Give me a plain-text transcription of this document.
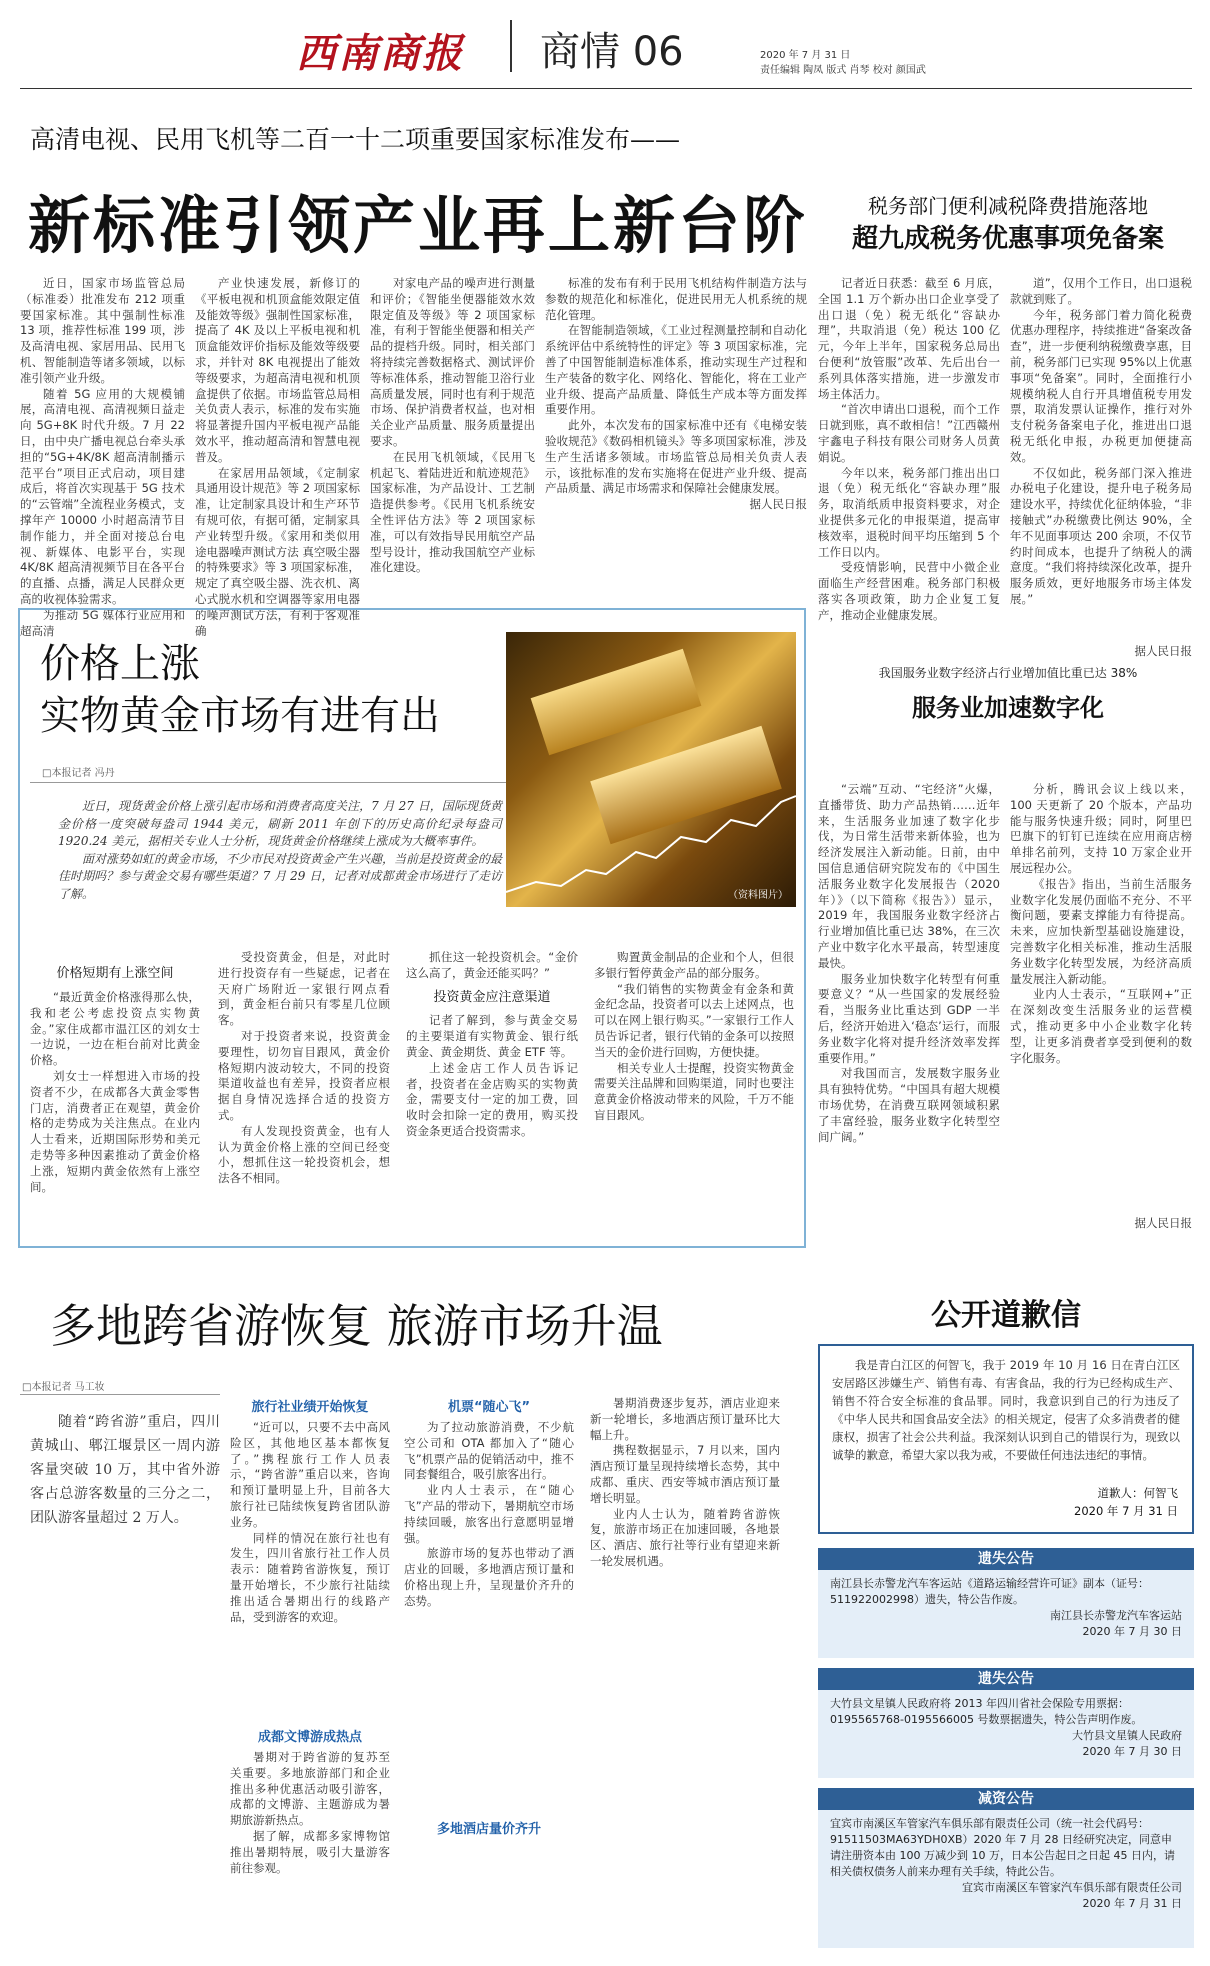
西南商报 商情 06	2020 年 7 月 31 日
责任编辑 陶凤 版式 肖琴 校对 颜国武
高清电视、民用飞机等二百一十二项重要国家标准发布——
新标准引领产业再上新台阶

近日，国家市场监管总局（标准委）批准发布 212 项重要国家标准。其中强制性标准 13 项，推荐性标准 199 项，涉及高清电视、家居用品、民用飞机、智能制造等诸多领域，以标准引领产业升级。

随着 5G 应用的大规模铺展，高清电视、高清视频日益走向 5G+8K 时代升级。7 月 22 日，由中央广播电视总台牵头承担的“5G+4K/8K 超高清制播示范平台”项目正式启动，项目建成后，将首次实现基于 5G 技术的“云管端”全流程业务模式，支撑年产 10000 小时超高清节目制作能力，并全面对接总台电视、新媒体、电影平台，实现 4K/8K 超高清视频节目在各平台的直播、点播，满足人民群众更高的收视体验需求。

为推动 5G 媒体行业应用和超高清

产业快速发展，新修订的《平板电视和机顶盒能效限定值及能效等级》强制性国家标准，提高了 4K 及以上平板电视和机顶盒能效评价指标及能效等级要求，并针对 8K 电视提出了能效等级要求，为超高清电视和机顶盒提供了依据。市场监管总局相关负责人表示，标准的发布实施将显著提升国内平板电视产品能效水平，推动超高清和智慧电视普及。

在家居用品领域，《定制家具通用设计规范》等 2 项国家标准，让定制家具设计和生产环节有规可依，有据可循，定制家具产业转型升级。《家用和类似用途电器噪声测试方法 真空吸尘器的特殊要求》等 3 项国家标准，规定了真空吸尘器、洗衣机、离心式脱水机和空调器等家用电器的噪声测试方法，有利于客观准确

对家电产品的噪声进行测量和评价；《智能坐便器能效水效限定值及等级》等 2 项国家标准，有利于智能坐便器和相关产品的提档升级。同时，相关部门将持续完善数据格式、测试评价等标准体系，推动智能卫浴行业高质量发展，同时也有利于规范市场、保护消费者权益，也对相关企业产品质量、服务质量提出要求。

在民用飞机领域，《民用飞机起飞、着陆进近和航迹规范》国家标准，为产品设计、工艺制造提供参考。《民用飞机系统安全性评估方法》等 2 项国家标准，可以有效指导民用航空产品型号设计，推动我国航空产业标准化建设。

标准的发布有利于民用飞机结构件制造方法与参数的规范化和标准化，促进民用无人机系统的规范化管理。

在智能制造领域，《工业过程测量控制和自动化 系统评估中系统特性的评定》等 3 项国家标准，完善了中国智能制造标准体系，推动实现生产过程和生产装备的数字化、网络化、智能化，将在工业产业升级、提高产品质量、降低生产成本等方面发挥重要作用。

此外，本次发布的国家标准中还有《电梯安装验收规范》《数码相机镜头》等多项国家标准，涉及生产生活诸多领域。市场监管总局相关负责人表示，该批标准的发布实施将在促进产业升级、提高产品质量、满足市场需求和保障社会健康发展。

据人民日报

税务部门便利减税降费措施落地
超九成税务优惠事项免备案

记者近日获悉：截至 6 月底，全国 1.1 万个新办出口企业享受了出口退（免）税无纸化“容缺办理”，共取消退（免）税达 100 亿元，今年上半年，国家税务总局出台便利“放管服”改革、先后出台一系列具体落实措施，进一步激发市场主体活力。

“首次申请出口退税，而个工作日就到账，真不敢相信！”江西赣州宇鑫电子科技有限公司财务人员黄娟说。

今年以来，税务部门推出出口退（免）税无纸化“容缺办理”服务，取消纸质申报资料要求，对企业提供多元化的申报渠道，提高审核效率，退税时间平均压缩到 5 个工作日以内。

受疫情影响，民营中小微企业面临生产经营困难。税务部门积极落实各项政策，助力企业复工复产，推动企业健康发展。

道”，仅用个工作日，出口退税款就到账了。

今年，税务部门着力简化税费优惠办理程序，持续推进“备案改备查”，进一步便利纳税缴费享惠，目前，税务部门已实现 95%以上优惠事项“免备案”。同时，全面推行小规模纳税人自行开具增值税专用发票，取消发票认证操作，推行对外支付税务备案电子化，推进出口退税无纸化申报，办税更加便捷高效。

不仅如此，税务部门深入推进办税电子化建设，提升电子税务局建设水平，持续优化征纳体验，“非接触式”办税缴费比例达 90%，全年不见面事项达 200 余项，不仅节约时间成本，也提升了纳税人的满意度。“我们将持续深化改革，提升服务质效，更好地服务市场主体发展。”

据人民日报
价格上涨
实物黄金市场有进有出
□本报记者 冯丹
（资料图片）

近日，现货黄金价格上涨引起市场和消费者高度关注，7 月 27 日，国际现货黄金价格一度突破每盎司 1944 美元，刷新 2011 年创下的历史高价纪录每盎司 1920.24 美元，据相关专业人士分析，现货黄金价格继续上涨成为大概率事件。

面对涨势如虹的黄金市场，不少市民对投资黄金产生兴趣，当前是投资黄金的最佳时期吗？参与黄金交易有哪些渠道？7 月 29 日，记者对成都黄金市场进行了走访了解。

价格短期有上涨空间

“最近黄金价格涨得那么快，我和老公考虑投资点实物黄金。”家住成都市温江区的刘女士一边说，一边在柜台前对比黄金价格。

刘女士一样想进入市场的投资者不少，在成都各大黄金零售门店，消费者正在观望，黄金价格的走势成为关注焦点。在业内人士看来，近期国际形势和美元走势等多种因素推动了黄金价格上涨，短期内黄金依然有上涨空间。

受投资黄金，但是，对此时进行投资存有一些疑虑，记者在天府广场附近一家银行网点看到，黄金柜台前只有零星几位顾客。

对于投资者来说，投资黄金要理性，切勿盲目跟风，黄金价格短期内波动较大，不同的投资渠道收益也有差异，投资者应根据自身情况选择合适的投资方式。

有人发现投资黄金，也有人认为黄金价格上涨的空间已经变小，想抓住这一轮投资机会，想法各不相同。

抓住这一轮投资机会。“金价这么高了，黄金还能买吗？”

投资黄金应注意渠道

记者了解到，参与黄金交易的主要渠道有实物黄金、银行纸黄金、黄金期货、黄金 ETF 等。

上述金店工作人员告诉记者，投资者在金店购买的实物黄金，需要支付一定的加工费，回收时会扣除一定的费用，购买投资金条更适合投资需求。

购置黄金制品的企业和个人，但很多银行暂停黄金产品的部分服务。

“我们销售的实物黄金有金条和黄金纪念品，投资者可以去上述网点，也可以在网上银行购买。”一家银行工作人员告诉记者，银行代销的金条可以按照当天的金价进行回购，方便快捷。

相关专业人士提醒，投资实物黄金需要关注品牌和回购渠道，同时也要注意黄金价格波动带来的风险，千万不能盲目跟风。

我国服务业数字经济占行业增加值比重已达 38%
服务业加速数字化

“云端”互动、“宅经济”火爆，直播带货、助力产品热销……近年来，生活服务业加速了数字化步伐，为日常生活带来新体验，也为经济发展注入新动能。日前，由中国信息通信研究院发布的《中国生活服务业数字化发展报告（2020 年）》（以下简称《报告》）显示，2019 年，我国服务业数字经济占行业增加值比重已达 38%，在三次产业中数字化水平最高，转型速度最快。

服务业加快数字化转型有何重要意义？“从一些国家的发展经验看，当服务业比重达到 GDP 一半后，经济开始进入‘稳态’运行，而服务业数字化将对提升经济效率发挥重要作用。”

对我国而言，发展数字服务业具有独特优势。“中国具有超大规模市场优势，在消费互联网领域积累了丰富经验，服务业数字化转型空间广阔。”

分析，腾讯会议上线以来，100 天更新了 20 个版本，产品功能与服务快速升级；同时，阿里巴巴旗下的钉钉已连续在应用商店榜单排名前列，支持 10 万家企业开展远程办公。

《报告》指出，当前生活服务业数字化发展仍面临不充分、不平衡问题，要素支撑能力有待提高。未来，应加快新型基础设施建设，完善数字化相关标准，推动生活服务业数字化转型发展，为经济高质量发展注入新动能。

业内人士表示，“互联网+”正在深刻改变生活服务业的运营模式，推动更多中小企业数字化转型，让更多消费者享受到便利的数字化服务。

据人民日报
多地跨省游恢复 旅游市场升温
□本报记者 马工妆

随着“跨省游”重启，四川黄城山、郫江堰景区一周内游客量突破 10 万，其中省外游客占总游客数量的三分之二，团队游客量超过 2 万人。

旅行社业绩开始恢复

“近可以，只要不去中高风险区，其他地区基本都恢复了。”携程旅行工作人员表示，“跨省游”重启以来，咨询和预订量明显上升，目前各大旅行社已陆续恢复跨省团队游业务。

同样的情况在旅行社也有发生，四川省旅行社工作人员表示：随着跨省游恢复，预订量开始增长，不少旅行社陆续推出适合暑期出行的线路产品，受到游客的欢迎。

成都文博游成热点

暑期对于跨省游的复苏至关重要。多地旅游部门和企业推出多种优惠活动吸引游客，成都的文博游、主题游成为暑期旅游新热点。

据了解，成都多家博物馆推出暑期特展，吸引大量游客前往参观。

机票“随心飞”

为了拉动旅游消费，不少航空公司和 OTA 都加入了“随心飞”机票产品的促销活动中，推不同套餐组合，吸引旅客出行。

业内人士表示，在“随心飞”产品的带动下，暑期航空市场持续回暖，旅客出行意愿明显增强。

旅游市场的复苏也带动了酒店业的回暖，多地酒店预订量和价格出现上升，呈现量价齐升的态势。

多地酒店量价齐升

暑期消费逐步复苏，酒店业迎来新一轮增长，多地酒店预订量环比大幅上升。

携程数据显示，7 月以来，国内酒店预订量呈现持续增长态势，其中成都、重庆、西安等城市酒店预订量增长明显。

业内人士认为，随着跨省游恢复，旅游市场正在加速回暖，各地景区、酒店、旅行社等行业有望迎来新一轮发展机遇。

公开道歉信

我是青白江区的何智飞，我于 2019 年 10 月 16 日在青白江区安居路区涉嫌生产、销售有毒、有害食品，我的行为已经构成生产、销售不符合安全标准的食品罪。同时，我意识到自己的行为违反了《中华人民共和国食品安全法》的相关规定，侵害了众多消费者的健康权，损害了社会公共利益。我深刻认识到自己的错误行为，现致以诚挚的歉意，希望大家以我为戒，不要做任何违法违纪的事情。

道歉人：何智飞
2020 年 7 月 31 日
遗失公告
南江县长赤警龙汽车客运站《道路运输经营许可证》副本（证号：511922002998）遗失，特公告作废。
南江县长赤警龙汽车客运站
2020 年 7 月 30 日
遗失公告
大竹县文星镇人民政府将 2013 年四川省社会保险专用票据：0195565768-0195566005 号数票据遗失，特公告声明作废。
大竹县文星镇人民政府
2020 年 7 月 30 日
减资公告
宜宾市南溪区车管家汽车俱乐部有限责任公司（统一社会代码号：91511503MA63YDH0XB）2020 年 7 月 28 日经研究决定，同意申请注册资本由 100 万减少到 10 万，日本公告起日之日起 45 日内，请相关债权债务人前来办理有关手续，特此公告。
宜宾市南溪区车管家汽车俱乐部有限责任公司
2020 年 7 月 31 日
